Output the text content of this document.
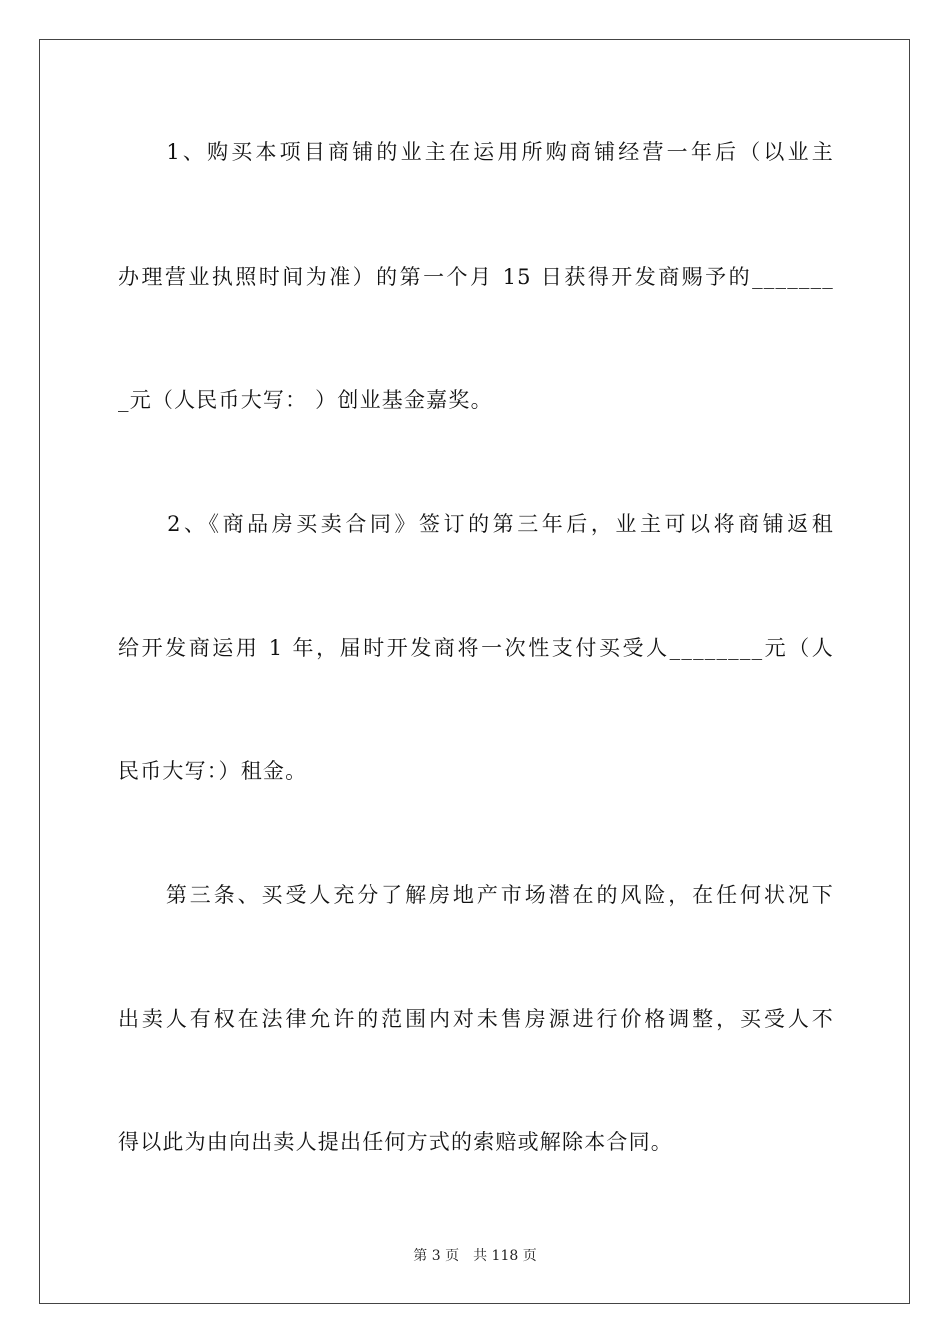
　　1、购买本项目商铺的业主在运用所购商铺经营一年后（以业主
办理营业执照时间为准）的第一个月 15 日获得开发商赐予的_______
_元（人民币大写： ）创业基金嘉奖。
　　2、《商品房买卖合同》签订的第三年后，业主可以将商铺返租
给开发商运用 1 年，届时开发商将一次性支付买受人________元（人
民币大写：）租金。
　　第三条、买受人充分了解房地产市场潜在的风险，在任何状况下
出卖人有权在法律允许的范围内对未售房源进行价格调整，买受人不
得以此为由向出卖人提出任何方式的索赔或解除本合同。
第 3 页 共 118 页
